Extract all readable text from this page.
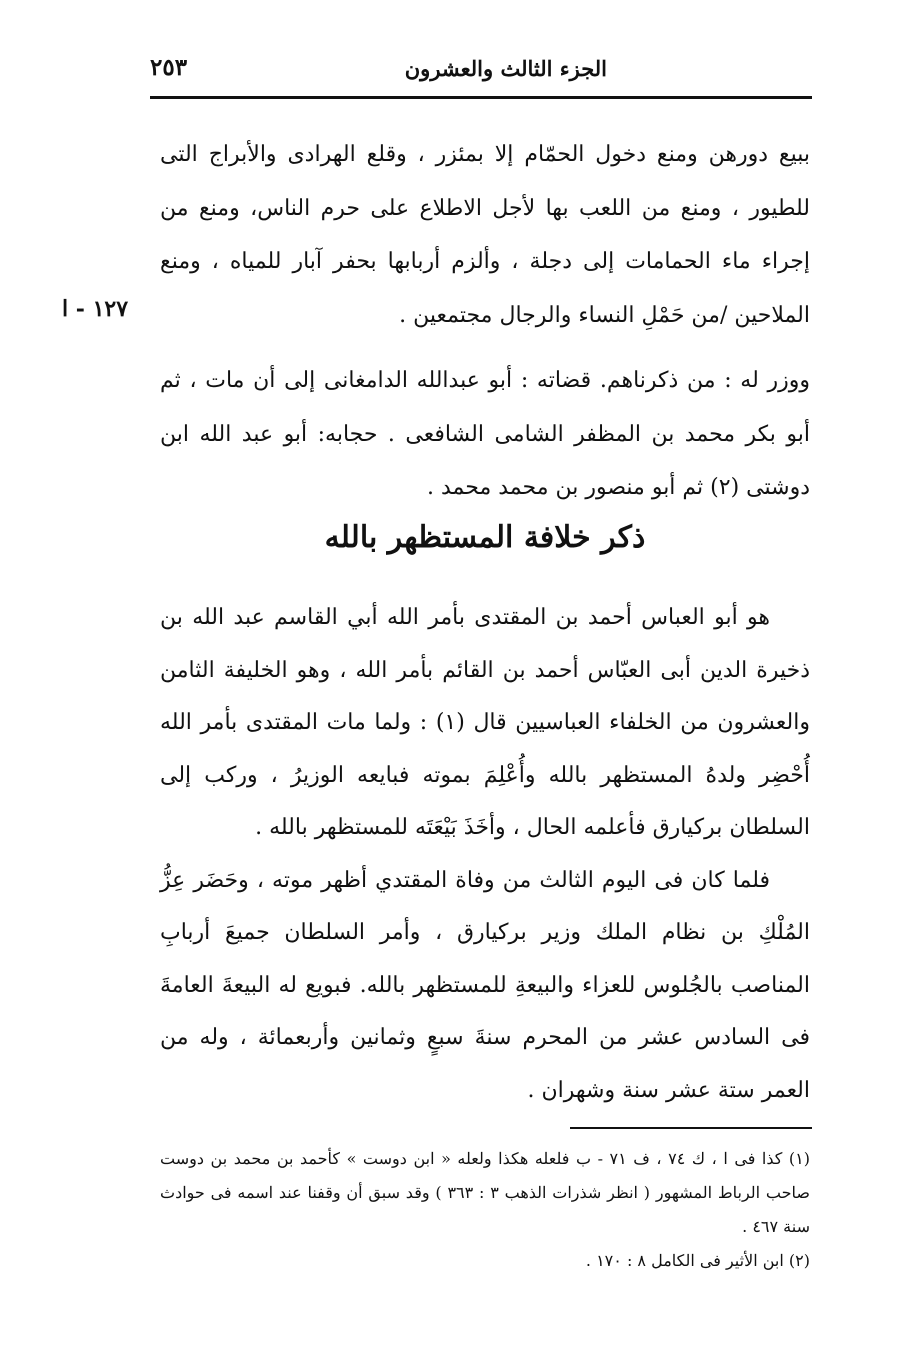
الجزء الثالث والعشرون
٢٥٣
١٢٧ - ا

ببيع دورهن ومنع دخول الحمّام إلا بمئزر ، وقلع الهرادى والأبراج التى للطيور ، ومنع من اللعب بها لأجل الاطلاع على حرم الناس، ومنع من إجراء ماء الحمامات إلى دجلة ، وألزم أربابها بحفر آبار للمياه ، ومنع الملاحين /من حَمْلِ النساء والرجال مجتمعين .

ووزر له : من ذكرناهم. قضاته : أبو عبدالله الدامغانى إلى أن مات ، ثم أبو بكر محمد بن المظفر الشامى الشافعى . حجابه: أبو عبد الله ابن دوشتى (٢) ثم أبو منصور بن محمد محمد .

ذكر خلافة المستظهر بالله

هو أبو العباس أحمد بن المقتدى بأمر الله أبي القاسم عبد الله بن ذخيرة الدين أبى العبّاس أحمد بن القائم بأمر الله ، وهو الخليفة الثامن والعشرون من الخلفاء العباسيين قال (١) : ولما مات المقتدى بأمر الله أُحْضِر ولدهُ المستظهر بالله وأُعْلِمَ بموته فبايعه الوزيرُ ، وركب إلى السلطان بركيارق فأعلمه الحال ، وأخَذَ بَيْعَتَه للمستظهر بالله .

فلما كان فى اليوم الثالث من وفاة المقتدي أظهر موته ، وحَضَر عِزُّ المُلْكِ بن نظام الملك وزير بركيارق ، وأمر السلطان جميعَ أربابِ المناصب بالجُلوس للعزاء والبيعةِ للمستظهر بالله. فبويع له البيعةَ العامةَ فى السادس عشر من المحرم سنةَ سبعٍ وثمانين وأربعمائة ، وله من العمر ستة عشر سنة وشهران .

(١) كذا فى ا ، ك ٧٤ ، ف ٧١ - ب فلعله هكذا ولعله « ابن دوست » كأحمد بن محمد بن دوست صاحب الرباط المشهور ( انظر شذرات الذهب ٣ : ٣٦٣ ) وقد سبق أن وقفنا عند اسمه فى حوادث سنة ٤٦٧ .

(٢) ابن الأثير فى الكامل ٨ : ١٧٠ .
